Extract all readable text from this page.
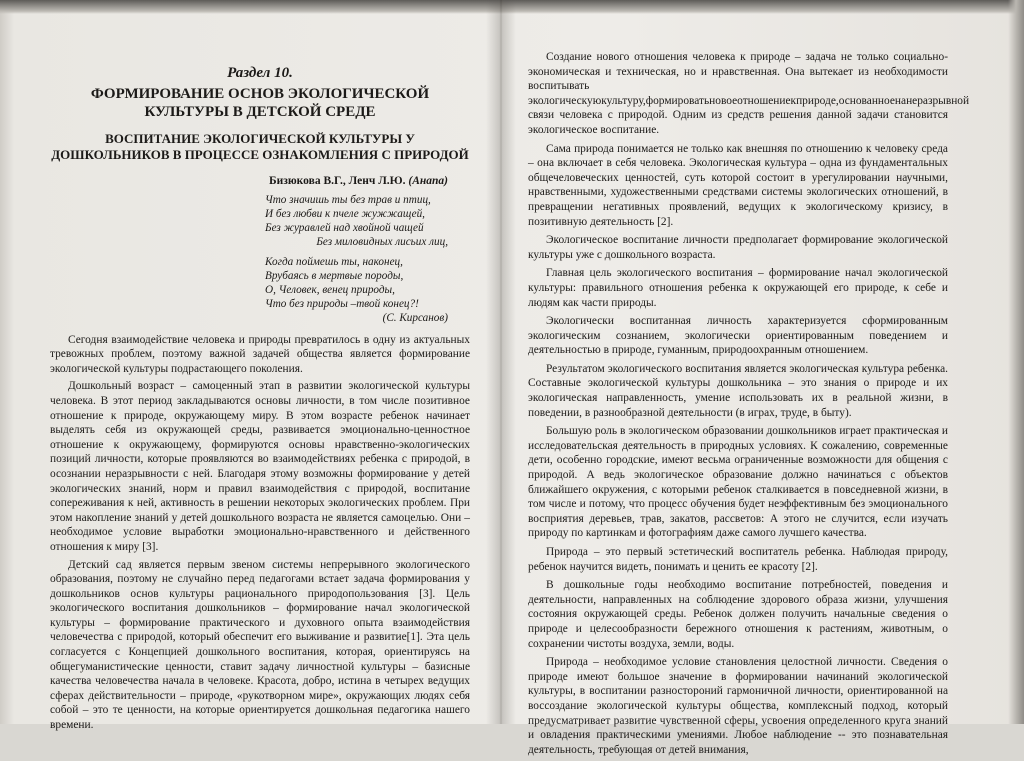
Раздел 10.
ФОРМИРОВАНИЕ ОСНОВ ЭКОЛОГИЧЕСКОЙ КУЛЬТУРЫ В ДЕТСКОЙ СРЕДЕ
ВОСПИТАНИЕ ЭКОЛОГИЧЕСКОЙ КУЛЬТУРЫ У ДОШКОЛЬНИКОВ В ПРОЦЕССЕ ОЗНАКОМЛЕНИЯ С ПРИРОДОЙ
Бизюкова В.Г., Ленч Л.Ю. (Анапа)
Что значишь ты без трав и птиц,
И без любви к пчеле жужжащей,
Без журавлей над хвойной чащей
Без миловидных лисьих лиц,
Когда поймешь ты, наконец,
Врубаясь в мертвые породы,
О, Человек, венец природы,
Что без природы –твой конец?!
(С. Кирсанов)

Сегодня взаимодействие человека и природы превратилось в одну из актуальных тревожных проблем, поэтому важной задачей общества является формирование экологической культуры подрастающего поколения.

Дошкольный возраст – самоценный этап в развитии экологической культуры человека. В этот период закладываются основы личности, в том числе позитивное отношение к природе, окружающему миру. В этом возрасте ребенок начинает выделять себя из окружающей среды, развивается эмоционально-ценностное отношение к окружающему, формируются основы нравственно-экологических позиций личности, которые проявляются во взаимодействиях ребенка с природой, в осознании неразрывности с ней. Благодаря этому возможны формирование у детей экологических знаний, норм и правил взаимодействия с природой, воспитание сопереживания к ней, активность в решении некоторых экологических проблем. При этом накопление знаний у детей дошкольного возраста не является самоцелью. Они – необходимое условие выработки эмоционально-нравственного и действенного отношения к миру [3].

Детский сад является первым звеном системы непрерывного экологического образования, поэтому не случайно перед педагогами встает задача формирования у дошкольников основ культуры рационального природопользования [3]. Цель экологического воспитания дошкольников – формирование начал экологической культуры – формирование практического и духовного опыта взаимодействия человечества с природой, который обеспечит его выживание и развитие[1]. Эта цель согласуется с Концепцией дошкольного воспитания, которая, ориентируясь на общегуманистические ценности, ставит задачу личностной культуры – базисные качества человечества начала в человеке. Красота, добро, истина в четырех ведущих сферах действительности – природе, «рукотворном мире», окружающих людях себя собой – это те ценности, на которые ориентируется дошкольная педагогика нашего времени.

Создание нового отношения человека к природе – задача не только социально-экономическая и техническая, но и нравственная. Она вытекает из необходимости воспитывать экологическуюкультуру,формироватьновоеотношениекприроде,основанноенанеразрывной связи человека с природой. Одним из средств решения данной задачи становится экологическое воспитание.

Сама природа понимается не только как внешняя по отношению к человеку среда – она включает в себя человека. Экологическая культура – одна из фундаментальных общечеловеческих ценностей, суть которой состоит в урегулировании научными, нравственными, художественными средствами системы экологических отношений, в превращении негативных проявлений, ведущих к экологическому кризису, в позитивную деятельность [2].

Экологическое воспитание личности предполагает формирование экологической культуры уже с дошкольного возраста.

Главная цель экологического воспитания – формирование начал экологической культуры: правильного отношения ребенка к окружающей его природе, к себе и людям как части природы.

Экологически воспитанная личность характеризуется сформированным экологическим сознанием, экологически ориентированным поведением и деятельностью в природе, гуманным, природоохранным отношением.

Результатом экологического воспитания является экологическая культура ребенка. Составные экологической культуры дошкольника – это знания о природе и их экологическая направленность, умение использовать их в реальной жизни, в поведении, в разнообразной деятельности (в играх, труде, в быту).

Большую роль в экологическом образовании дошкольников играет практическая и исследовательская деятельность в природных условиях. К сожалению, современные дети, особенно городские, имеют весьма ограниченные возможности для общения с природой. А ведь экологическое образование должно начинаться с объектов ближайшего окружения, с которыми ребенок сталкивается в повседневной жизни, в том числе и потому, что процесс обучения будет неэффективным без эмоционального восприятия деревьев, трав, закатов, рассветов: А этого не случится, если изучать природу по картинкам и фотографиям даже самого лучшего качества.

Природа – это первый эстетический воспитатель ребенка. Наблюдая природу, ребенок научится видеть, понимать и ценить ее красоту [2].

В дошкольные годы необходимо воспитание потребностей, поведения и деятельности, направленных на соблюдение здорового образа жизни, улучшения состояния окружающей среды. Ребенок должен получить начальные сведения о природе и целесообразности бережного отношения к растениям, животным, о сохранении чистоты воздуха, земли, воды.

Природа – необходимое условие становления целостной личности. Сведения о природе имеют большое значение в формировании начинаний экологической культуры, в воспитании разностороний гармоничной личности, ориентированной на воссоздание экологической культуры общества, комплексный подход, который предусматривает развитие чувственной сферы, усвоения определенного круга знаний и овладения практическими умениями. Любое наблюдение -- это познавательная деятельность, требующая от детей внимания,
